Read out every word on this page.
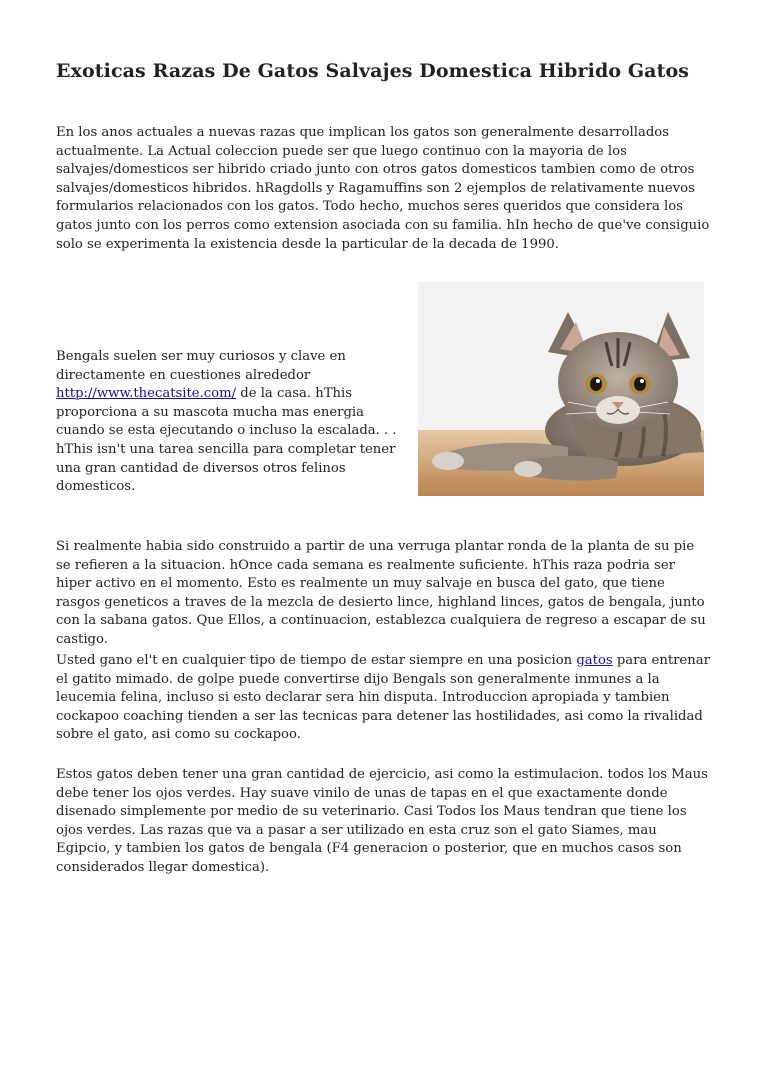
Exoticas Razas De Gatos Salvajes Domestica Hibrido Gatos

En los anos actuales a nuevas razas que implican los gatos son generalmente desarrollados actualmente. La Actual coleccion puede ser que luego continuo con la mayoria de los salvajes/domesticos ser hibrido criado junto con otros gatos domesticos tambien como de otros salvajes/domesticos hibridos. hRagdolls y Ragamuffins son 2 ejemplos de relativamente nuevos formularios relacionados con los gatos. Todo hecho, muchos seres queridos que considera los gatos junto con los perros como extension asociada con su familia. hIn hecho de que've consiguio solo se experimenta la existencia desde la particular de la decada de 1990.

Bengals suelen ser muy curiosos y clave en directamente en cuestiones alrededor http://www.thecatsite.com/ de la casa. hThis proporciona a su mascota mucha mas energia cuando se esta ejecutando o incluso la escalada. . . hThis isn't una tarea sencilla para completar tener una gran cantidad de diversos otros felinos domesticos.

Si realmente habia sido construido a partir de una verruga plantar ronda de la planta de su pie se refieren a la situacion. hOnce cada semana es realmente suficiente. hThis raza podria ser hiper activo en el momento. Esto es realmente un muy salvaje en busca del gato, que tiene rasgos geneticos a traves de la mezcla de desierto lince, highland linces, gatos de bengala, junto con la sabana gatos. Que Ellos, a continuacion, establezca cualquiera de regreso a escapar de su castigo.

Usted gano el't en cualquier tipo de tiempo de estar siempre en una posicion gatos para entrenar el gatito mimado. de golpe puede convertirse dijo Bengals son generalmente inmunes a la leucemia felina, incluso si esto declarar sera hin disputa. Introduccion apropiada y tambien cockapoo coaching tienden a ser las tecnicas para detener las hostilidades, asi como la rivalidad sobre el gato, asi como su cockapoo.

Estos gatos deben tener una gran cantidad de ejercicio, asi como la estimulacion. todos los Maus debe tener los ojos verdes. Hay suave vinilo de unas de tapas en el que exactamente donde disenado simplemente por medio de su veterinario. Casi Todos los Maus tendran que tiene los ojos verdes. Las razas que va a pasar a ser utilizado en esta cruz son el gato Siames, mau Egipcio, y tambien los gatos de bengala (F4 generacion o posterior, que en muchos casos son considerados llegar domestica).
